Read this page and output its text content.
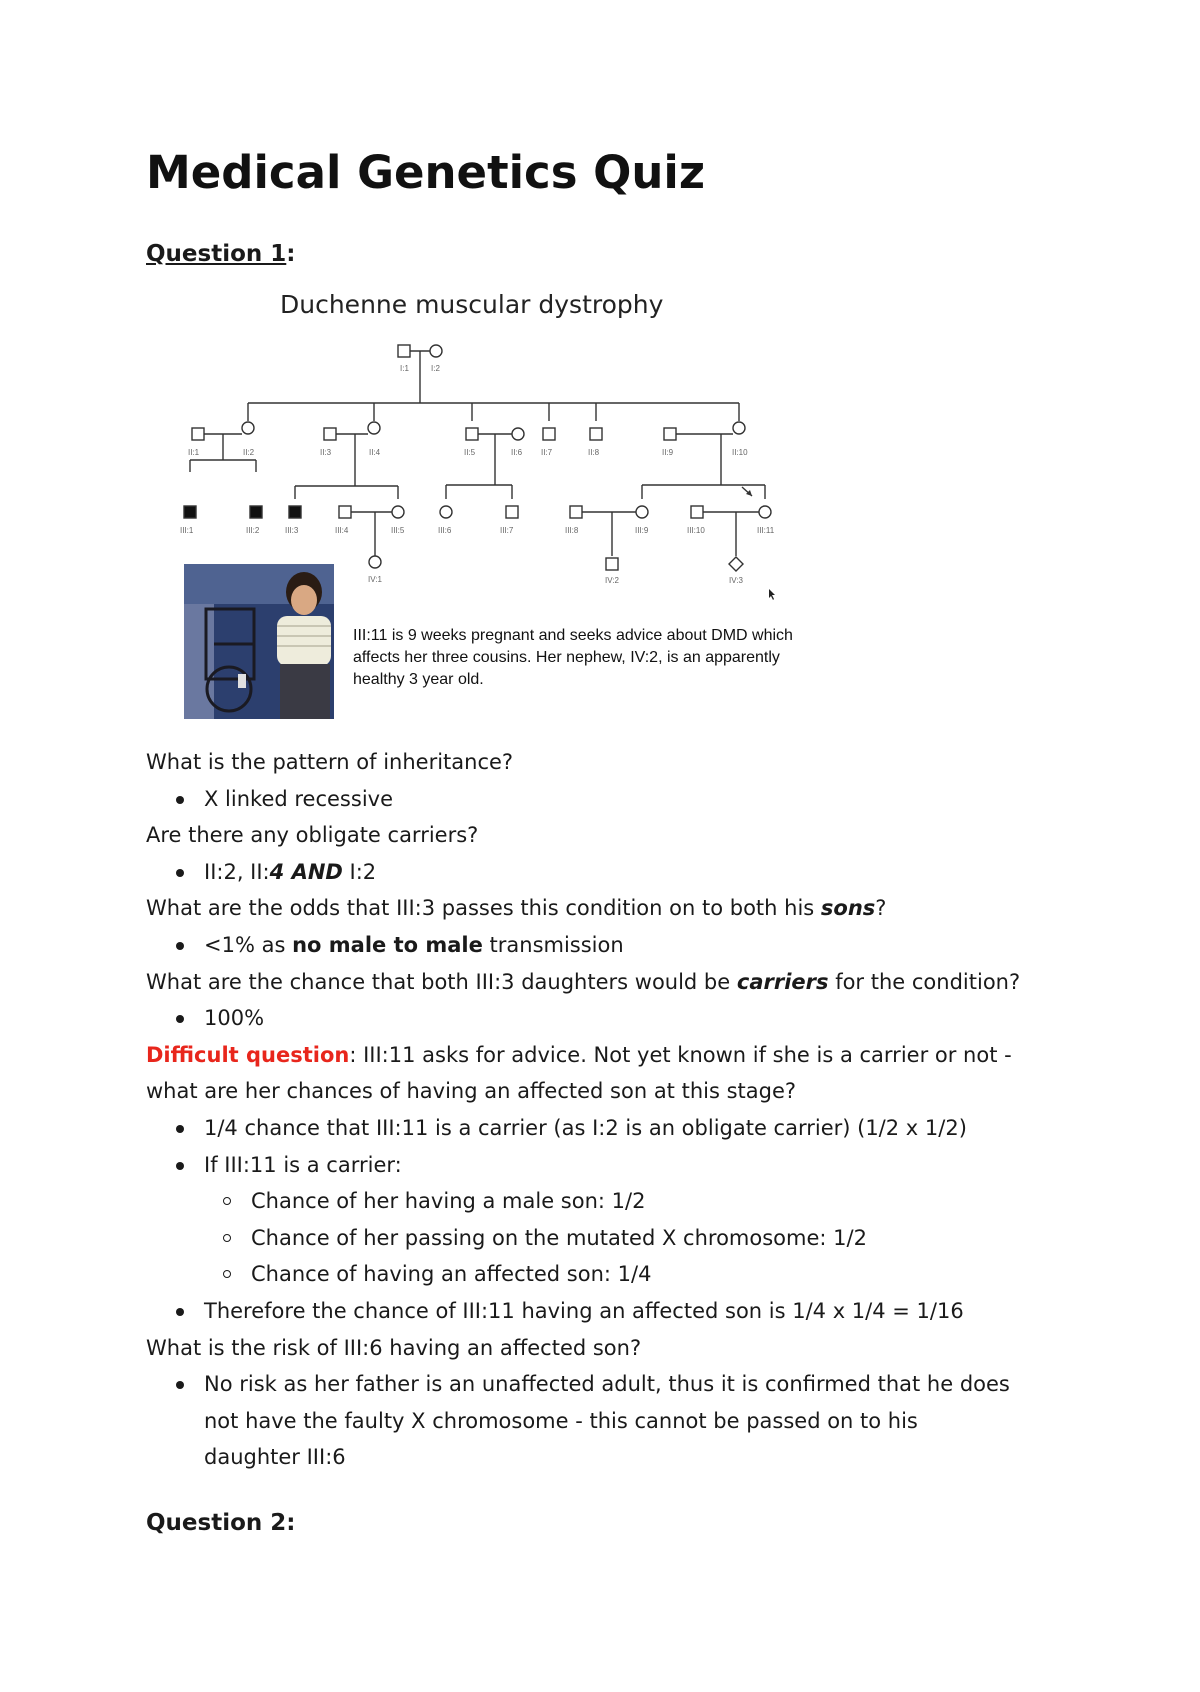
Medical Genetics Quiz
Question 1:
I:1	I:2
II:1	II:2	II:3	II:4	II:5	II:6 II:7	II:8	II:9	II:10
III:1	III:2	III:3	III:4	III:5	III:6	III:7	III:8	III:9	III:10	III:11
IV:1	IV:2	IV:3
Duchenne muscular dystrophy
III:11 is 9 weeks pregnant and seeks advice about DMD which affects her three cousins. Her nephew, IV:2, is an apparently healthy 3 year old.

What is the pattern of inheritance?

X linked recessive

Are there any obligate carriers?

II:2, II:4 AND I:2

What are the odds that III:3 passes this condition on to both his sons?

<1% as no male to male transmission

What are the chance that both III:3 daughters would be carriers for the condition?

100%

Difficult question: III:11 asks for advice. Not yet known if she is a carrier or not -

what are her chances of having an affected son at this stage?

1/4 chance that III:11 is a carrier (as I:2 is an obligate carrier) (1/2 x 1/2)

If III:11 is a carrier:

Chance of her having a male son: 1/2

Chance of her passing on the mutated X chromosome: 1/2

Chance of having an affected son: 1/4

Therefore the chance of III:11 having an affected son is 1/4 x 1/4 = 1/16

What is the risk of III:6 having an affected son?

No risk as her father is an unaffected adult, thus it is confirmed that he does

not have the faulty X chromosome - this cannot be passed on to his

daughter III:6

Question 2:
